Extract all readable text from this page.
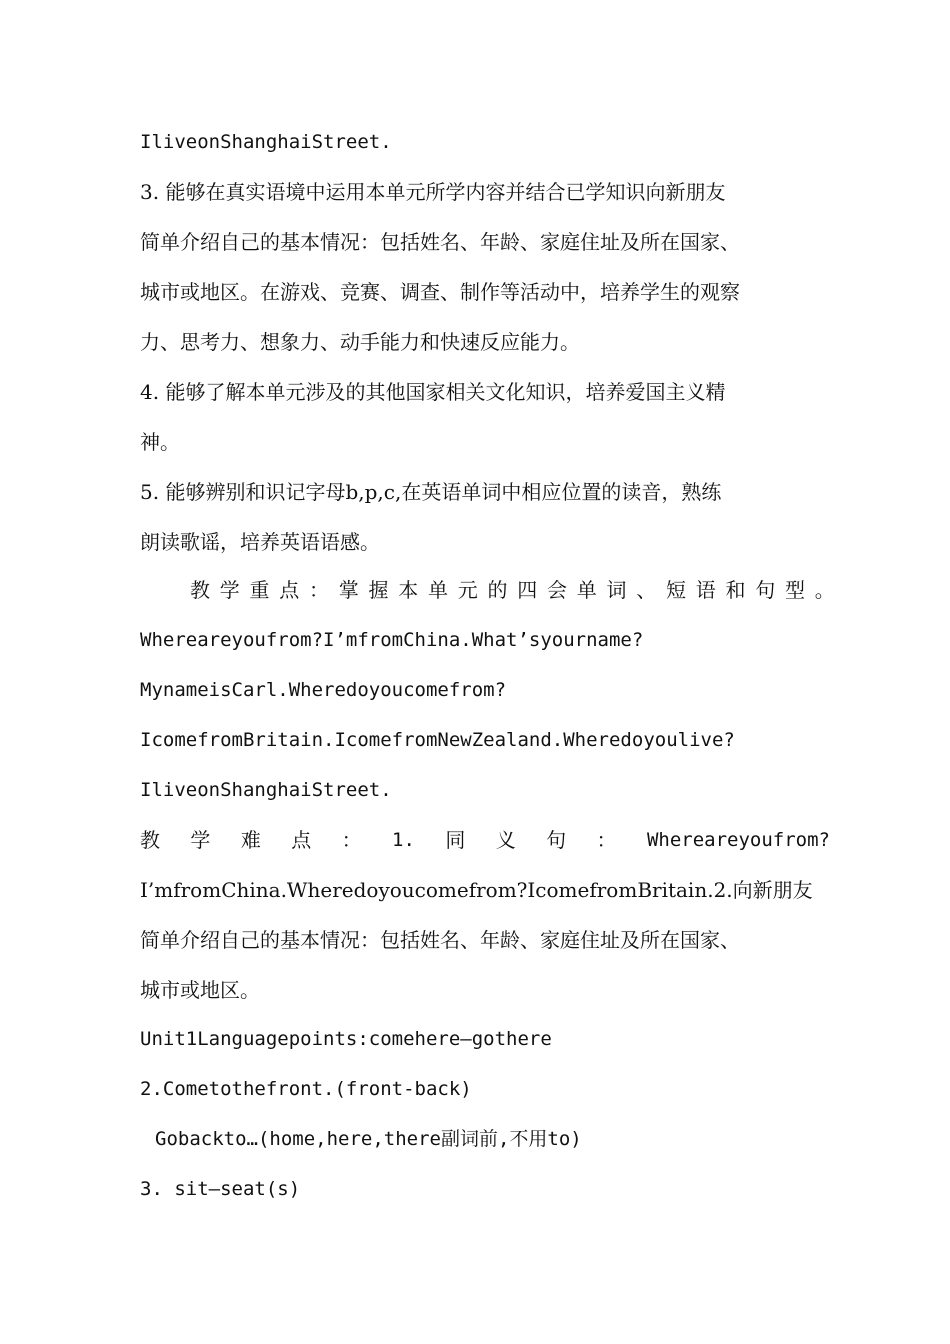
IliveonShanghaiStreet.
3. 能够在真实语境中运用本单元所学内容并结合已学知识向新朋友
简单介绍自己的基本情况：包括姓名、年龄、家庭住址及所在国家、
城市或地区。在游戏、竞赛、调查、制作等活动中，培养学生的观察
力、思考力、想象力、动手能力和快速反应能力。
4. 能够了解本单元涉及的其他国家相关文化知识，培养爱国主义精
神。
5. 能够辨别和识记字母b,p,c,在英语单词中相应位置的读音，熟练
朗读歌谣，培养英语语感。
教 学 重 点 ： 掌 握 本 单 元 的 四 会 单 词 、 短 语 和 句 型 。
Whereareyoufrom?I’mfromChina.What’syourname?
MynameisCarl.Wheredoyoucomefrom?
IcomefromBritain.IcomefromNewZealand.Wheredoyoulive?
IliveonShanghaiStreet.
教 学 难 点 ： 1. 同 义 句 ： Whereareyoufrom?
I’mfromChina.Wheredoyoucomefrom?IcomefromBritain.2.向新朋友
简单介绍自己的基本情况：包括姓名、年龄、家庭住址及所在国家、
城市或地区。
Unit1Languagepoints:comehere—gothere
2.Cometothefront.(front-back)
Gobackto…(home,here,there副词前,不用to)
3. sit—seat(s)
